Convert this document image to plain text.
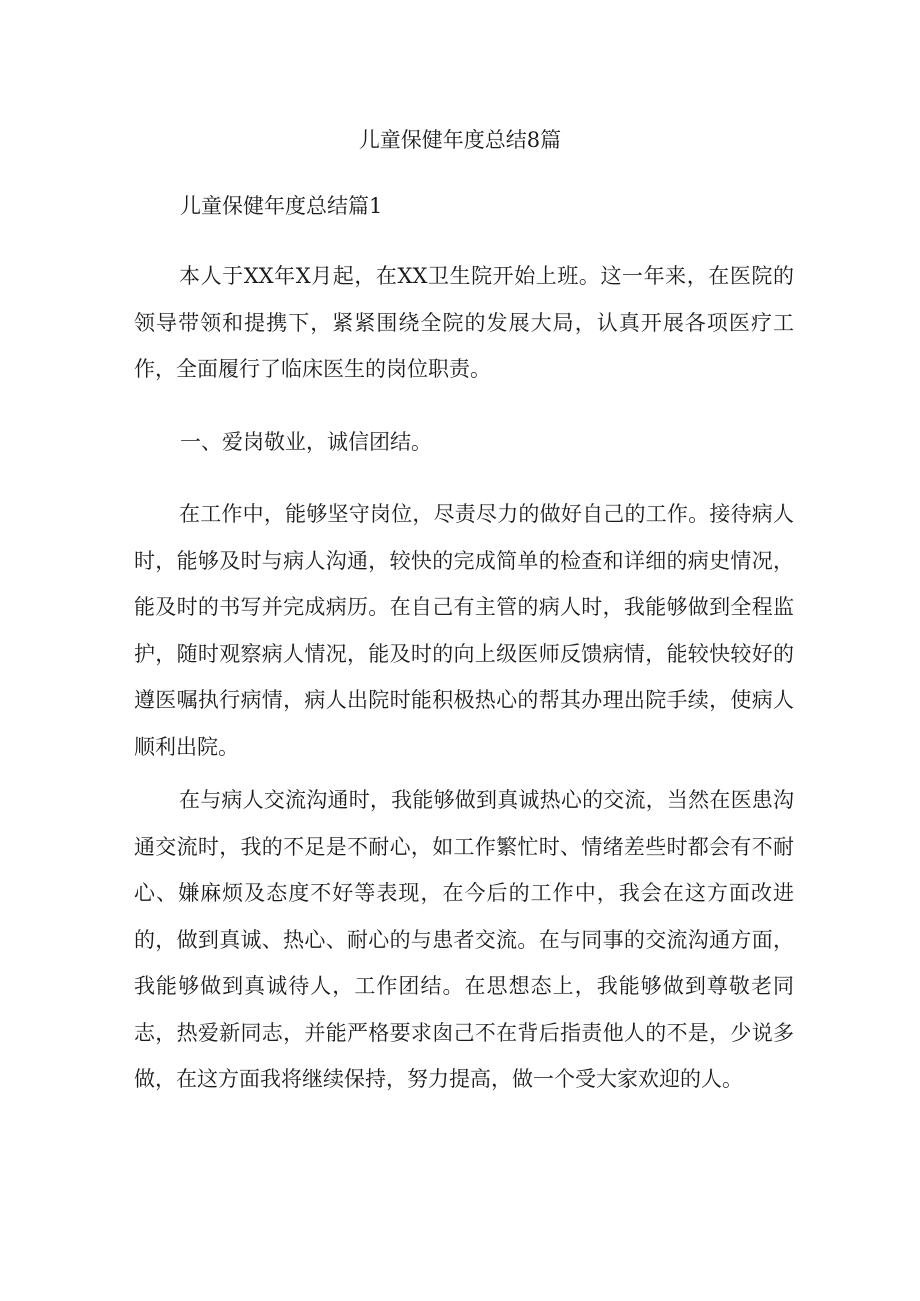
儿童保健年度总结8篇
儿童保健年度总结篇1

本人于XX年X月起，在XX卫生院开始上班。这一年来，在医院的领导带领和提携下，紧紧围绕全院的发展大局，认真开展各项医疗工作，全面履行了临床医生的岗位职责。

一、爱岗敬业，诚信团结。

在工作中，能够坚守岗位，尽责尽力的做好自己的工作。接待病人时，能够及时与病人沟通，较快的完成简单的检查和详细的病史情况，能及时的书写并完成病历。在自己有主管的病人时，我能够做到全程监护，随时观察病人情况，能及时的向上级医师反馈病情，能较快较好的遵医嘱执行病情，病人出院时能积极热心的帮其办理出院手续，使病人顺利出院。

在与病人交流沟通时，我能够做到真诚热心的交流，当然在医患沟通交流时，我的不足是不耐心，如工作繁忙时、情绪差些时都会有不耐心、嫌麻烦及态度不好等表现，在今后的工作中，我会在这方面改进的，做到真诚、热心、耐心的与患者交流。在与同事的交流沟通方面，我能够做到真诚待人，工作团结。在思想态上，我能够做到尊敬老同志，热爱新同志，并能严格要求囱己不在背后指责他人的不是，少说多做，在这方面我将继续保持，努力提高，做一个受大家欢迎的人。
